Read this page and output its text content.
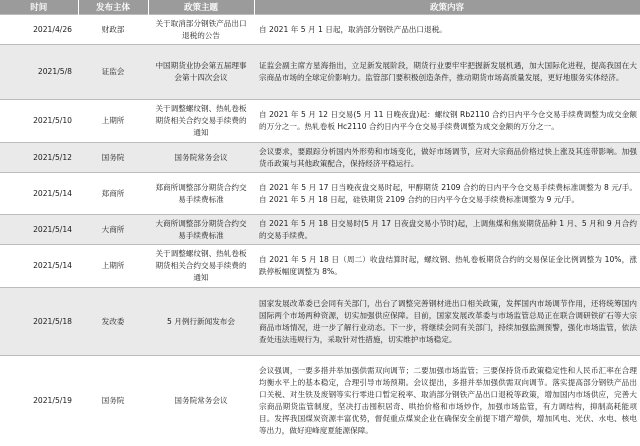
时间	发布主体	政策主题	政策内容
2021/4/26	财政部	关于取消部分钢铁产品出口退税的公告	自 2021 年 5 月 1 日起，取消部分钢铁产品出口退税。
2021/5/8	证监会	中国期货业协会第五届理事会第十四次会议	证监会副主席方星海指出，立足新发展阶段，期货行业要牢牢把握新发展机遇，加大国际化进程，提高我国在大宗商品市场的全球定价影响力。监管部门要积极创造条件，推动期货市场高质量发展，更好地服务实体经济。
2021/5/10	上期所	关于调整螺纹钢、热轧卷板期货相关合约交易手续费的通知	自 2021 年 5 月 12 日交易(5 月 11 日晚夜盘)起：螺纹钢 Rb2110 合约日内平今仓交易手续费调整为成交金额的万分之一。热轧卷板 Hc2110 合约日内平今仓交易手续费调整为成交金额的万分之一。
2021/5/12	国务院	国务院常务会议	会议要求，要跟踪分析国内外形势和市场变化，做好市场调节，应对大宗商品价格过快上涨及其连带影响。加强货币政策与其他政策配合，保持经济平稳运行。
2021/5/14	郑商所	郑商所调整部分期货合约交易手续费标准	自 2021 年 5 月 17 日当晚夜盘交易时起，甲醇期货 2109 合约的日内平今仓交易手续费标准调整为 8 元/手。自 2021 年 5 月 18 日起，硅铁期货 2109 合约的日内平今仓交易手续费标准调整为 9 元/手。
2021/5/14	大商所	大商所调整部分期货合约交易手续费标准	自 2021 年 5 月 18 日交易时(5 月 17 日夜盘交易小节时)起，上调焦煤和焦炭期货品种 1 月、5 月和 9 月合约的交易手续费。
2021/5/14	上期所	关于调整螺纹钢、热轧卷板期货相关合约交易手续费的通知	自 2021 年 5 月 18 日（周二）收盘结算时起，螺纹钢、热轧卷板期货合约的交易保证金比例调整为 10%，涨跌停板幅度调整为 8%。
2021/5/18	发改委	5 月例行新闻发布会	国家发展改革委已会同有关部门，出台了调整完善钢材进出口相关政策，发挥国内市场调节作用，还将统筹国内国际两个市场两种资源，切实加强供应保障。目前，国家发展改革委与市场监管总局正在联合调研铁矿石等大宗商品市场情况，进一步了解行业动态。下一步，将继续会同有关部门，持续加强监测预警，强化市场监管，依法查处违法违规行为，采取针对性措施，切实维护市场稳定。
2021/5/19	国务院	国务院常务会议	会议强调，一要多措并举加强供需双向调节；二要加强市场监管；三要保持货币政策稳定性和人民币汇率在合理均衡水平上的基本稳定，合理引导市场预期。会议提出，多措并举加强供需双向调节。落实提高部分钢铁产品出口关税、对生铁及废钢等实行零进口暂定税率、取消部分钢铁产品出口退税等政策，增加国内市场供应，完善大宗商品期货监管制度，坚决打击囤积居奇、哄抬价格和市场炒作，加强市场监管，有力调结构，抑制高耗能项目。发挥我国煤炭资源丰富优势，督促重点煤炭企业在确保安全前提下增产增供，增加风电、光伏、水电、核电等出力，做好迎峰度夏能源保障。
